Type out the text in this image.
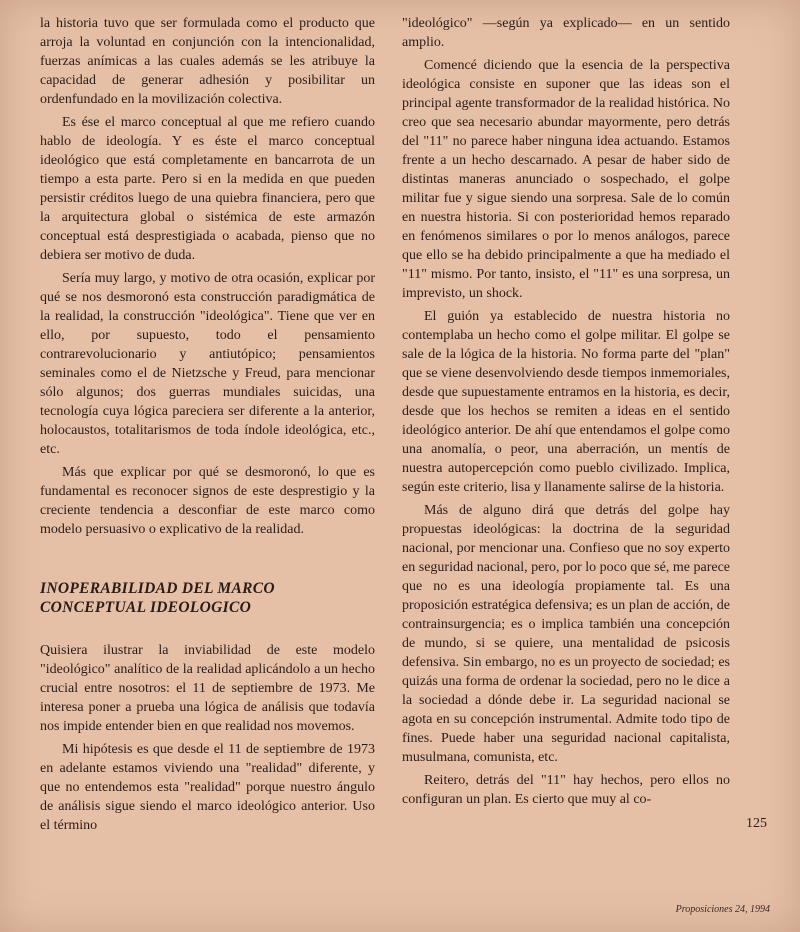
la historia tuvo que ser formulada como el producto que arroja la voluntad en conjunción con la intencionalidad, fuerzas anímicas a las cuales además se les atribuye la capacidad de generar adhesión y posibilitar un ordenfundado en la movilización colectiva.

Es ése el marco conceptual al que me refiero cuando hablo de ideología. Y es éste el marco conceptual ideológico que está completamente en bancarrota de un tiempo a esta parte. Pero si en la medida en que pueden persistir créditos luego de una quiebra financiera, pero que la arquitectura global o sistémica de este armazón conceptual está desprestigiada o acabada, pienso que no debiera ser motivo de duda.

Sería muy largo, y motivo de otra ocasión, explicar por qué se nos desmoronó esta construcción paradigmática de la realidad, la construcción "ideológica". Tiene que ver en ello, por supuesto, todo el pensamiento contrarevolucionario y antiutópico; pensamientos seminales como el de Nietzsche y Freud, para mencionar sólo algunos; dos guerras mundiales suicidas, una tecnología cuya lógica pareciera ser diferente a la anterior, holocaustos, totalitarismos de toda índole ideológica, etc., etc.

Más que explicar por qué se desmoronó, lo que es fundamental es reconocer signos de este desprestigio y la creciente tendencia a desconfiar de este marco como modelo persuasivo o explicativo de la realidad.

INOPERABILIDAD DEL MARCO
CONCEPTUAL IDEOLOGICO

Quisiera ilustrar la inviabilidad de este modelo "ideológico" analítico de la realidad aplicándolo a un hecho crucial entre nosotros: el 11 de septiembre de 1973. Me interesa poner a prueba una lógica de análisis que todavía nos impide entender bien en que realidad nos movemos.

Mi hipótesis es que desde el 11 de septiembre de 1973 en adelante estamos viviendo una "realidad" diferente, y que no entendemos esta "realidad" porque nuestro ángulo de análisis sigue siendo el marco ideológico anterior. Uso el término

"ideológico" —según ya explicado— en un sentido amplio.

Comencé diciendo que la esencia de la perspectiva ideológica consiste en suponer que las ideas son el principal agente transformador de la realidad histórica. No creo que sea necesario abundar mayormente, pero detrás del "11" no parece haber ninguna idea actuando. Estamos frente a un hecho descarnado. A pesar de haber sido de distintas maneras anunciado o sospechado, el golpe militar fue y sigue siendo una sorpresa. Sale de lo común en nuestra historia. Si con posterioridad hemos reparado en fenómenos similares o por lo menos análogos, parece que ello se ha debido principalmente a que ha mediado el "11" mismo. Por tanto, insisto, el "11" es una sorpresa, un imprevisto, un shock.

El guión ya establecido de nuestra historia no contemplaba un hecho como el golpe militar. El golpe se sale de la lógica de la historia. No forma parte del "plan" que se viene desenvolviendo desde tiempos inmemoriales, desde que supuestamente entramos en la historia, es decir, desde que los hechos se remiten a ideas en el sentido ideológico anterior. De ahí que entendamos el golpe como una anomalía, o peor, una aberración, un mentís de nuestra autopercepción como pueblo civilizado. Implica, según este criterio, lisa y llanamente salirse de la historia.

Más de alguno dirá que detrás del golpe hay propuestas ideológicas: la doctrina de la seguridad nacional, por mencionar una. Confieso que no soy experto en seguridad nacional, pero, por lo poco que sé, me parece que no es una ideología propiamente tal. Es una proposición estratégica defensiva; es un plan de acción, de contrainsurgencia; es o implica también una concepción de mundo, si se quiere, una mentalidad de psicosis defensiva. Sin embargo, no es un proyecto de sociedad; es quizás una forma de ordenar la sociedad, pero no le dice a la sociedad a dónde debe ir. La seguridad nacional se agota en su concepción instrumental. Admite todo tipo de fines. Puede haber una seguridad nacional capitalista, musulmana, comunista, etc.

Reitero, detrás del "11" hay hechos, pero ellos no configuran un plan. Es cierto que muy al co-

125
Proposiciones 24, 1994
